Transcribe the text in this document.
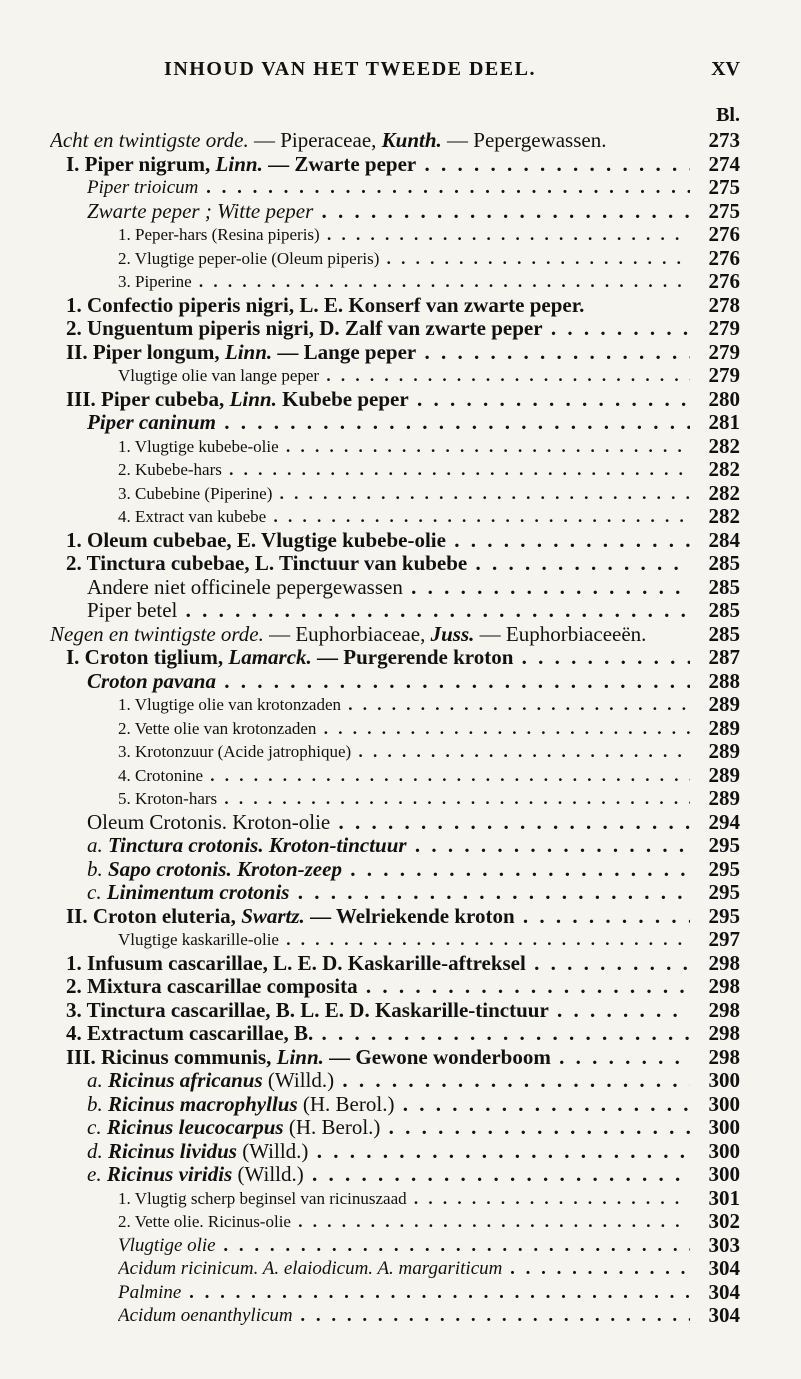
INHOUD VAN HET TWEEDE DEEL.	XV
Bl.
Acht en twintigste orde. — Piperaceae, Kunth. — Pepergewassen.	273
I. Piper nigrum, Linn. — Zwarte peper . . .	274
Piper trioicum . . .	275
Zwarte peper ; Witte peper . . .	275
1. Peper-hars (Resina piperis) . . .	276
2. Vlugtige peper-olie (Oleum piperis) . . .	276
3. Piperine . . .	276
1. Confectio piperis nigri, L. E. Konserf van zwarte peper.	278
2. Unguentum piperis nigri, D. Zalf van zwarte peper . . .	279
II. Piper longum, Linn. — Lange peper . . .	279
Vlugtige olie van lange peper . . .	279
III. Piper cubeba, Linn. Kubebe peper . . .	280
Piper caninum . . .	281
1. Vlugtige kubebe-olie . . .	282
2. Kubebe-hars . . .	282
3. Cubebine (Piperine) . . .	282
4. Extract van kubebe . . .	282
1. Oleum cubebae, E. Vlugtige kubebe-olie . . .	284
2. Tinctura cubebae, L. Tinctuur van kubebe . . .	285
Andere niet officinele pepergewassen . . .	285
Piper betel . . .	285
Negen en twintigste orde. — Euphorbiaceae, Juss. — Euphorbiaceeën.	285
I. Croton tiglium, Lamarck. — Purgerende kroton . . .	287
Croton pavana . . .	288
1. Vlugtige olie van krotonzaden . . .	289
2. Vette olie van krotonzaden . . .	289
3. Krotonzuur (Acide jatrophique) . . .	289
4. Crotonine . . .	289
5. Kroton-hars . . .	289
Oleum Crotonis. Kroton-olie . . .	294
a. Tinctura crotonis. Kroton-tinctuur . . .	295
b. Sapo crotonis. Kroton-zeep . . .	295
c. Linimentum crotonis . . .	295
II. Croton eluteria, Swartz. — Welriekende kroton . . .	295
Vlugtige kaskarille-olie . . .	297
1. Infusum cascarillae, L. E. D. Kaskarille-aftreksel . . .	298
2. Mixtura cascarillae composita . . .	298
3. Tinctura cascarillae, B. L. E. D. Kaskarille-tinctuur . . .	298
4. Extractum cascarillae, B. . . .	298
III. Ricinus communis, Linn. — Gewone wonderboom . . .	298
a. Ricinus africanus (Willd.) . . .	300
b. Ricinus macrophyllus (H. Berol.) . . .	300
c. Ricinus leucocarpus (H. Berol.) . . .	300
d. Ricinus lividus (Willd.) . . .	300
e. Ricinus viridis (Willd.) . . .	300
1. Vlugtig scherp beginsel van ricinuszaad . . .	301
2. Vette olie. Ricinus-olie . . .	302
Vlugtige olie . . .	303
Acidum ricinicum. A. elaiodicum. A. margariticum . . .	304
Palmine . . .	304
Acidum oenanthylicum . . .	304
